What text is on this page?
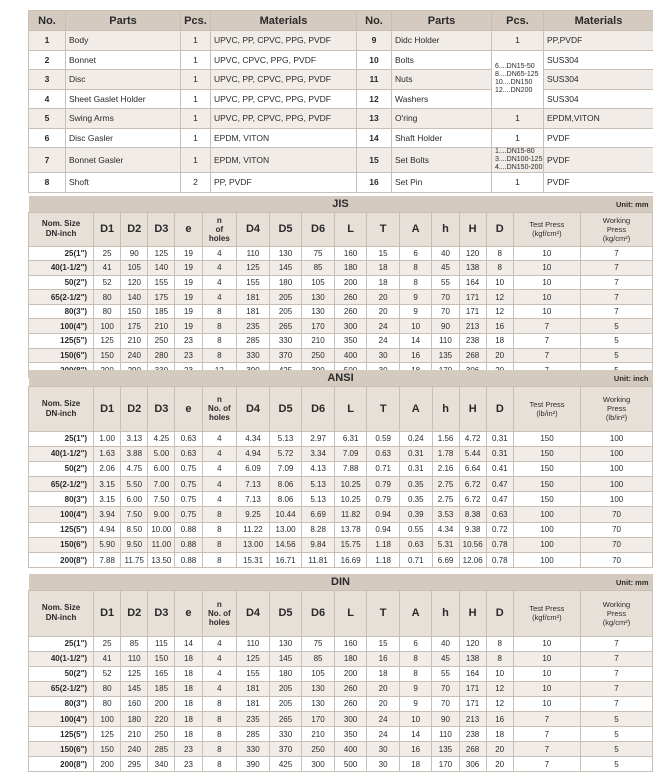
No.	Parts	Pcs.	Materials	No.	Parts	Pcs.	Materials
1	Body	1	UPVC, PP, CPVC, PPG, PVDF	9	Didc Holder	1	PP,PVDF
2	Bonnet	1	UPVC, CPVC, PPG, PVDF	10	Bolts	6....DN15-50
8....DN65-125
10....DN150
12....DN200	SUS304
3	Disc	1	UPVC, PP, CPVC, PPG, PVDF	11	Nuts		SUS304
4	Sheet Gaslet Holder	1	UPVC, PP, CPVC, PPG, PVDF	12	Washers		SUS304
5	Swing Arms	1	UPVC, PP, CPVC, PPG, PVDF	13	O'ring	1	EPDM,VITON
6	Disc Gasler	1	EPDM, VITON	14	Shaft Holder	1	PVDF
7	Bonnet Gasler	1	EPDM, VITON	15	Set Bolts	1....DN15-80
3....DN100-125
4....DN150-200	PVDF
8	Shoft	2	PP, PVDF	16	Set Pin	1	PVDF
JIS Unit: mm																

Nom. Size
DN-inch	D1	D2	D3	e	n
of
holes	D4	D5	D6	L	T	A	h	H	D	Test Press
(kgf/cm²)	Working
Press
(kg/cm²)
25(1")	25	90	125	19	4	110	130	75	160	15	6	40	120	8	10	7
40(1-1/2")	41	105	140	19	4	125	145	85	180	18	8	45	138	8	10	7
50(2")	52	120	155	19	4	155	180	105	200	18	8	55	164	10	10	7
65(2-1/2")	80	140	175	19	4	181	205	130	260	20	9	70	171	12	10	7
80(3")	80	150	185	19	8	181	205	130	260	20	9	70	171	12	10	7
100(4")	100	175	210	19	8	235	265	170	300	24	10	90	213	16	7	5
125(5")	125	210	250	23	8	285	330	210	350	24	14	110	238	18	7	5
150(6")	150	240	280	23	8	330	370	250	400	30	16	135	268	20	7	5

ANSI Unit: inch																

Nom. Size
DN-inch	D1	D2	D3	e	n
No. of
holes	D4	D5	D6	L	T	A	h	H	D	Test Press
(lb/in²)	Working
Press
(lb/in²)
25(1")	1.00	3.13	4.25	0.63	4	4.34	5.13	2.97	6.31	0.59	0.24	1.56	4.72	0.31	150	100
40(1-1/2")	1.63	3.88	5.00	0.63	4	4.94	5.72	3.34	7.09	0.63	0.31	1.78	5.44	0.31	150	100
50(2")	2.06	4.75	6.00	0.75	4	6.09	7.09	4.13	7.88	0.71	0.31	2.16	6.64	0.41	150	100
65(2-1/2")	3.15	5.50	7.00	0.75	4	7.13	8.06	5.13	10.25	0.79	0.35	2.75	6.72	0.47	150	100
80(3")	3.15	6.00	7.50	0.75	4	7.13	8.06	5.13	10.25	0.79	0.35	2.75	6.72	0.47	150	100
100(4")	3.94	7.50	9.00	0.75	8	9.25	10.44	6.69	11.82	0.94	0.39	3.53	8.38	0.63	100	70
125(5")	4.94	8.50	10.00	0.88	8	11.22	13.00	8.28	13.78	0.94	0.55	4.34	9.38	0.72	100	70
150(6")	5.90	9.50	11.00	0.88	8	13.00	14.56	9.84	15.75	1.18	0.63	5.31	10.56	0.78	100	70
200(8")	7.88	11.75	13.50	0.88	8	15.31	16.71	11.81	16.69	1.18	0.71	6.69	12.06	0.78	100	70
DIN Unit: mm																

Nom. Size
DN-inch	D1	D2	D3	e	n
No. of
holes	D4	D5	D6	L	T	A	h	H	D	Test Press
(kgf/cm²)	Working
Press
(kg/cm²)
25(1")	25	85	115	14	4	110	130	75	160	15	6	40	120	8	10	7
40(1-1/2")	41	110	150	18	4	125	145	85	180	16	8	45	138	8	10	7
50(2")	52	125	165	18	4	155	180	105	200	18	8	55	164	10	10	7
65(2-1/2")	80	145	185	18	4	181	205	130	260	20	9	70	171	12	10	7
80(3")	80	160	200	18	8	181	205	130	260	20	9	70	171	12	10	7
100(4")	100	180	220	18	8	235	265	170	300	24	10	90	213	16	7	5
125(5")	125	210	250	18	8	285	330	210	350	24	14	110	238	18	7	5
150(6")	150	240	285	23	8	330	370	250	400	30	16	135	268	20	7	5
200(8")	200	295	340	23	8	390	425	300	500	30	18	170	306	20	7	5
